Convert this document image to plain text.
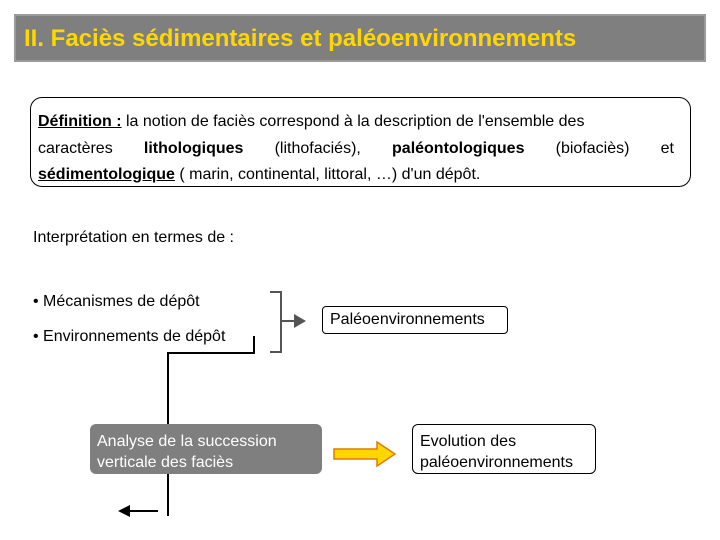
II. Faciès sédimentaires et paléoenvironnements
Définition : la notion de faciès correspond à la description de l'ensemble des
caractères lithologiques (lithofaciés), paléontologiques (biofaciès) et
sédimentologique ( marin, continental, littoral, …) d'un dépôt.
Interprétation en termes de :
• Mécanismes de dépôt
• Environnements de dépôt
Paléoenvironnements
Analyse de la succession
verticale des faciès
Evolution des
paléoenvironnements
